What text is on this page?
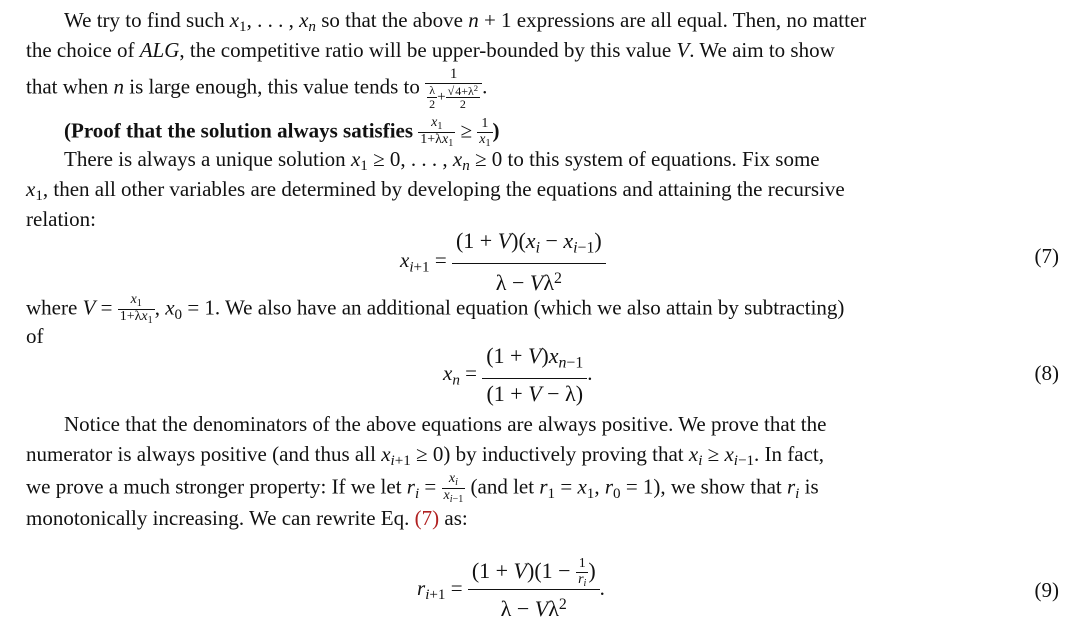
We try to find such $x_1$, . . . , $x_n$ so that the above n + 1 expressions are all equal. Then, no matter
the choice of ALG, the competitive ratio will be upper-bounded by this value V. We aim to show
that when n is large enough, this value tends to $\frac{1}{\frac{\lambda}{2} + \frac{√4+\lambda^2}{2}}$ .
(Proof that the solution always satisfies $\frac{x_1}{1+\lambda x_1} \ge \frac{1}{x_1}$ )
There is always a unique solution $x_1 \ge 0$, . . . , $x_n \ge 0$ to this system of equations. Fix some
$x_1$, then all other variables are determined by developing the equations and attaining the recursive
relation:
$x_{i+1} = \frac{(1 + V)(x_i - x_{i-1})}{\lambda - V\lambda^2}$	(7)
where $V = \frac{x_1}{1+\lambda x_1}$ , $x_0 = 1$. We also have an additional equation (which we also attain by subtracting)
of
$x_n = \frac{(1 + V)x_{n-1}}{(1 + V - \lambda)}$ .	(8)
Notice that the denominators of the above equations are always positive. We prove that the
numerator is always positive (and thus all $x_{i+1} \ge 0$) by inductively proving that $x_i \ge x_{i-1}$. In fact,
we prove a much stronger property: If we let $r_i = \frac{x_i}{x_{i-1}} (and$ let $r_1 = x_1$, $r_0 = 1$), we show that $r_i$ is
monotonically increasing. We can rewrite Eq. (7) as:
$r_{i+1} = \frac{(1 + V)(1 - \frac{1}{r_i} )}{\lambda - V\lambda^2}$ .	(9)
